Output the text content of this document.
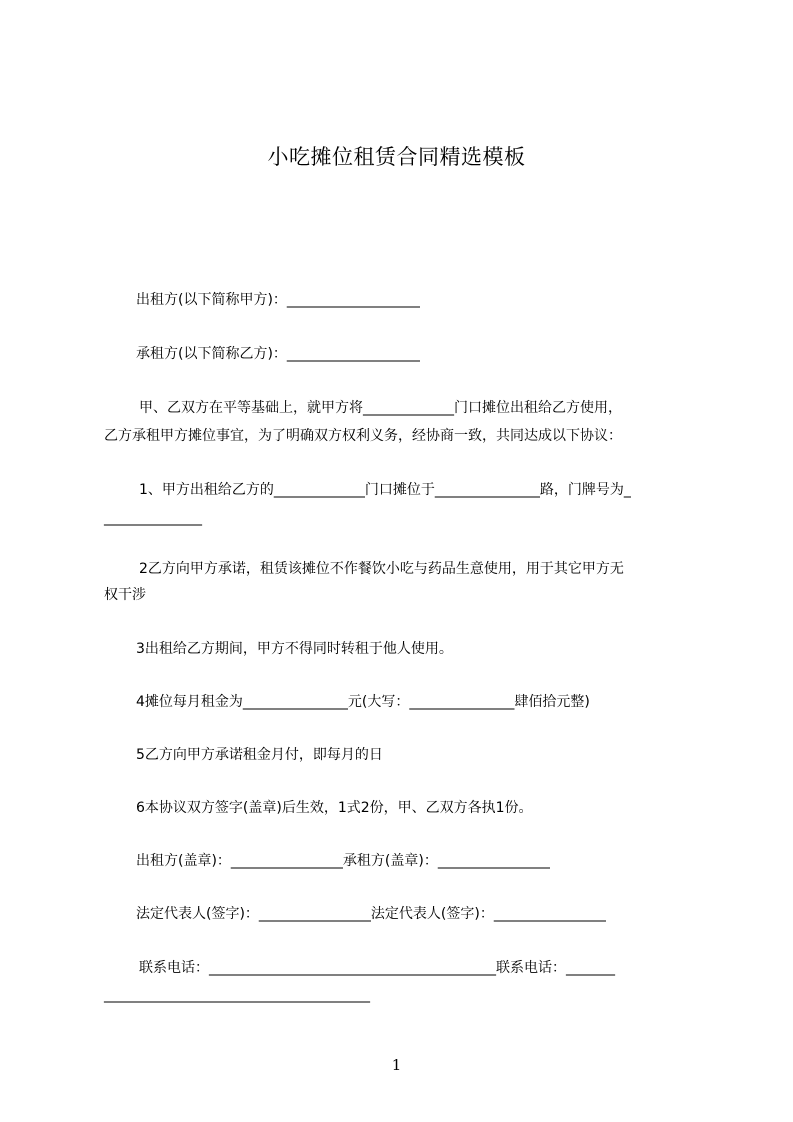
小吃摊位租赁合同精选模板
出租方(以下简称甲方)：___________________
承租方(以下简称乙方)：___________________
甲、乙双方在平等基础上，就甲方将_____________门口摊位出租给乙方使用，
乙方承租甲方摊位事宜，为了明确双方权利义务，经协商一致，共同达成以下协议：
1、甲方出租给乙方的_____________门口摊位于_______________路，门牌号为_
______________
2乙方向甲方承诺，租赁该摊位不作餐饮小吃与药品生意使用，用于其它甲方无
权干涉
3出租给乙方期间，甲方不得同时转租于他人使用。
4摊位每月租金为_______________元(大写：_______________肆佰拾元整)
5乙方向甲方承诺租金月付，即每月的日
6本协议双方签字(盖章)后生效，1式2份，甲、乙双方各执1份。
出租方(盖章)：________________承租方(盖章)：________________
法定代表人(签字)：________________法定代表人(签字)：________________
联系电话：_________________________________________联系电话：_______
______________________________________
1
